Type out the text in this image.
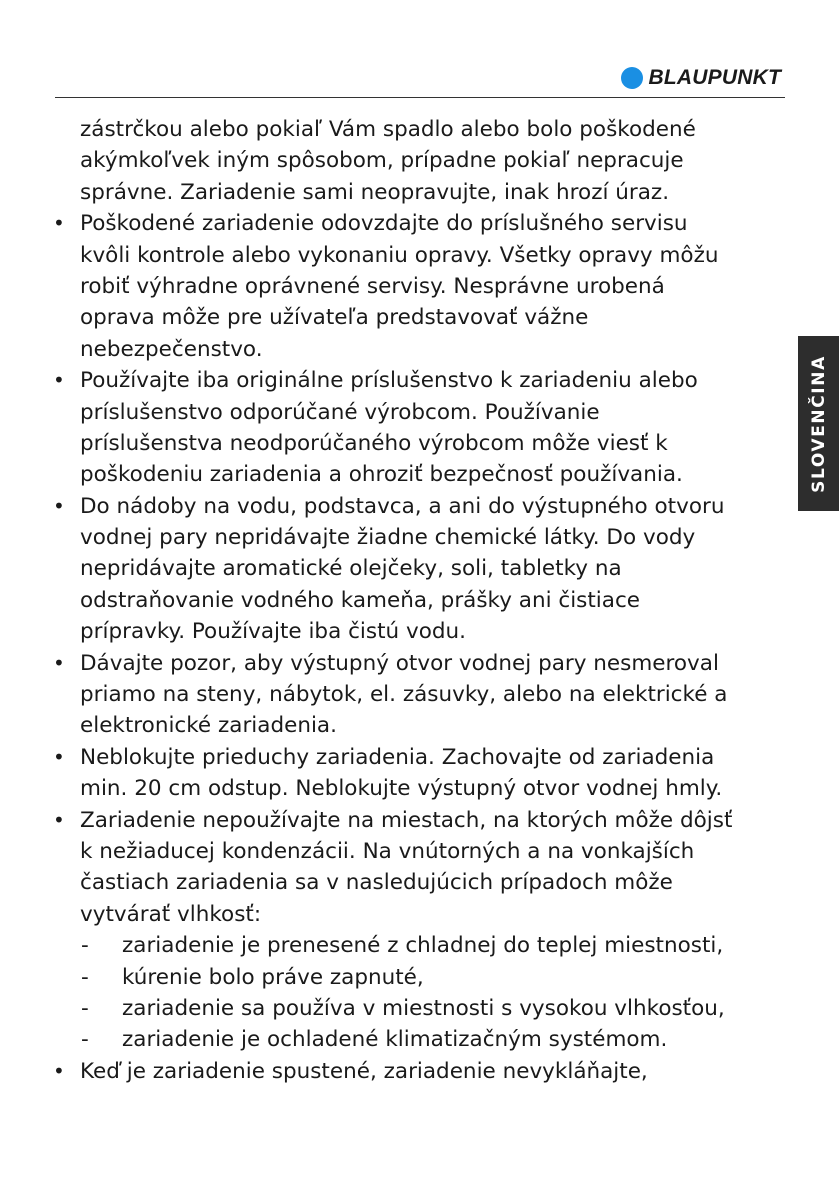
BLAUPUNKT
SLOVENČINA
zástrčkou alebo pokiaľ Vám spadlo alebo bolo poškodené
akýmkoľvek iným spôsobom, prípadne pokiaľ nepracuje
správne. Zariadenie sami neopravujte, inak hrozí úraz.
• Poškodené zariadenie odovzdajte do príslušného servisu
kvôli kontrole alebo vykonaniu opravy. Všetky opravy môžu
robiť výhradne oprávnené servisy. Nesprávne urobená
oprava môže pre užívateľa predstavovať vážne
nebezpečenstvo.
• Používajte iba originálne príslušenstvo k zariadeniu alebo
príslušenstvo odporúčané výrobcom. Používanie
príslušenstva neodporúčaného výrobcom môže viesť k
poškodeniu zariadenia a ohroziť bezpečnosť používania.
• Do nádoby na vodu, podstavca, a ani do výstupného otvoru
vodnej pary nepridávajte žiadne chemické látky. Do vody
nepridávajte aromatické olejčeky, soli, tabletky na
odstraňovanie vodného kameňa, prášky ani čistiace
prípravky. Používajte iba čistú vodu.
• Dávajte pozor, aby výstupný otvor vodnej pary nesmeroval
priamo na steny, nábytok, el. zásuvky, alebo na elektrické a
elektronické zariadenia.
• Neblokujte prieduchy zariadenia. Zachovajte od zariadenia
min. 20 cm odstup. Neblokujte výstupný otvor vodnej hmly.
• Zariadenie nepoužívajte na miestach, na ktorých môže dôjsť
k nežiaducej kondenzácii. Na vnútorných a na vonkajších
častiach zariadenia sa v nasledujúcich prípadoch môže
vytvárať vlhkosť:
- zariadenie je prenesené z chladnej do teplej miestnosti,
- kúrenie bolo práve zapnuté,
- zariadenie sa používa v miestnosti s vysokou vlhkosťou,
- zariadenie je ochladené klimatizačným systémom.
• Keď je zariadenie spustené, zariadenie nevykláňajte,
